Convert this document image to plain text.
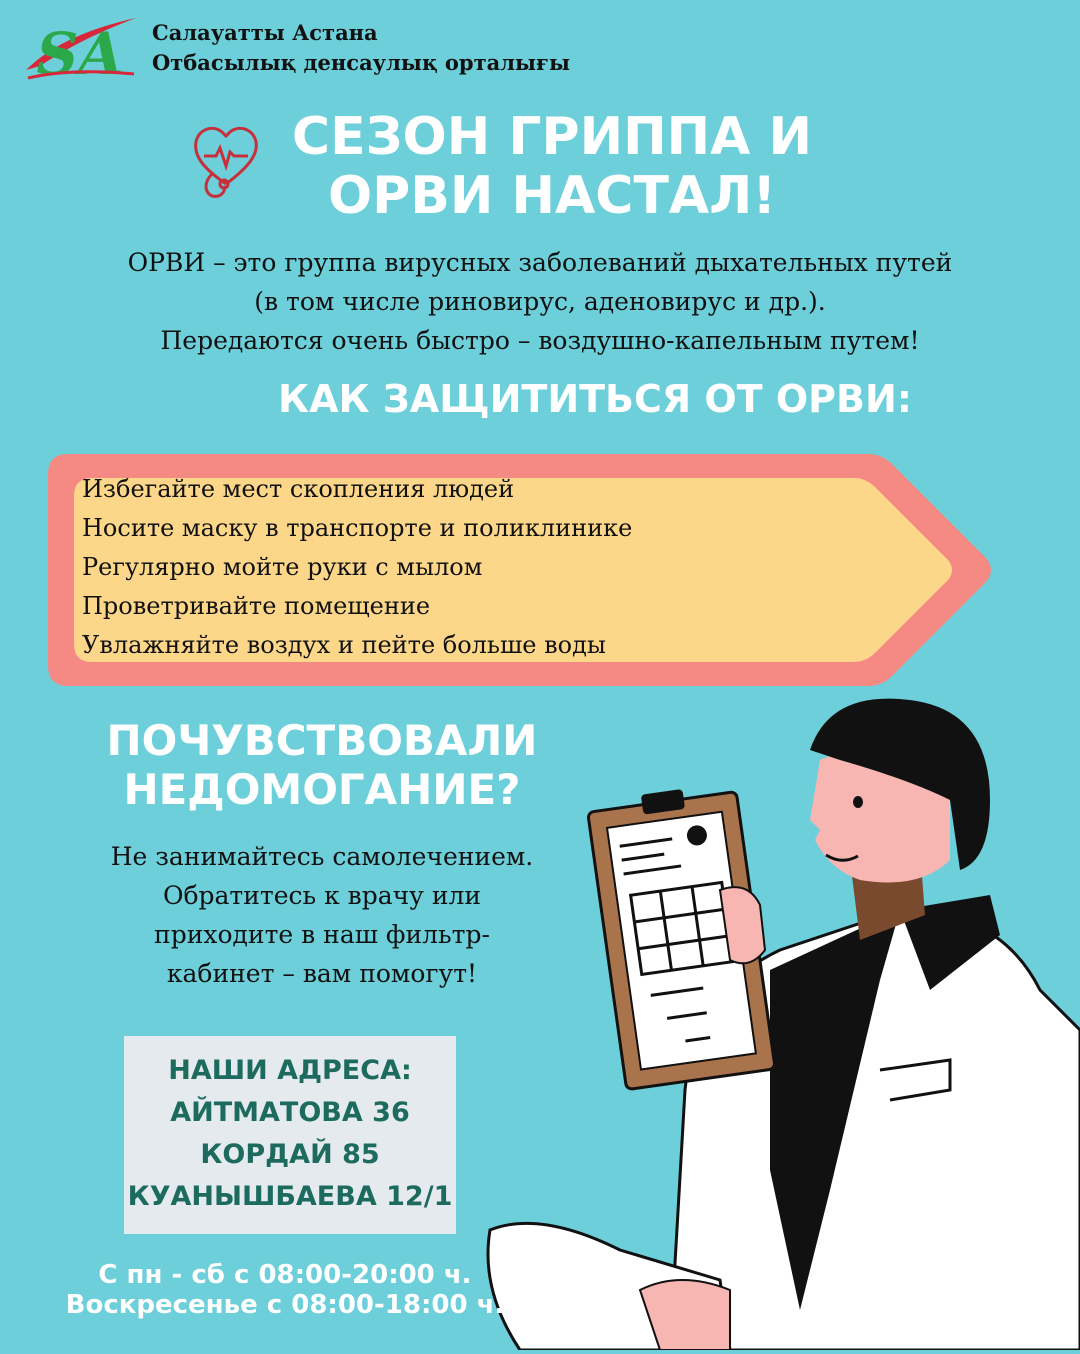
SA Салауатты Астана
Отбасылық денсаулық орталығы
СЕЗОН ГРИППА И
ОРВИ НАСТАЛ!
ОРВИ – это группа вирусных заболеваний дыхательных путей
(в том числе риновирус, аденовирус и др.).
Передаются очень быстро – воздушно-капельным путем!
КАК ЗАЩИТИТЬСЯ ОТ ОРВИ:
Избегайте мест скопления людей
Носите маску в транспорте и поликлинике
Регулярно мойте руки с мылом
Проветривайте помещение
Увлажняйте воздух и пейте больше воды
ПОЧУВСТВОВАЛИ
НЕДОМОГАНИЕ?
Не занимайтесь самолечением.
Обратитесь к врачу или
приходите в наш фильтр-
кабинет – вам помогут!
НАШИ АДРЕСА:
АЙТМАТОВА 36
КОРДАЙ 85
КУАНЫШБАЕВА 12/1
С пн - сб с 08:00-20:00 ч.
Воскресенье с 08:00-18:00 ч.
